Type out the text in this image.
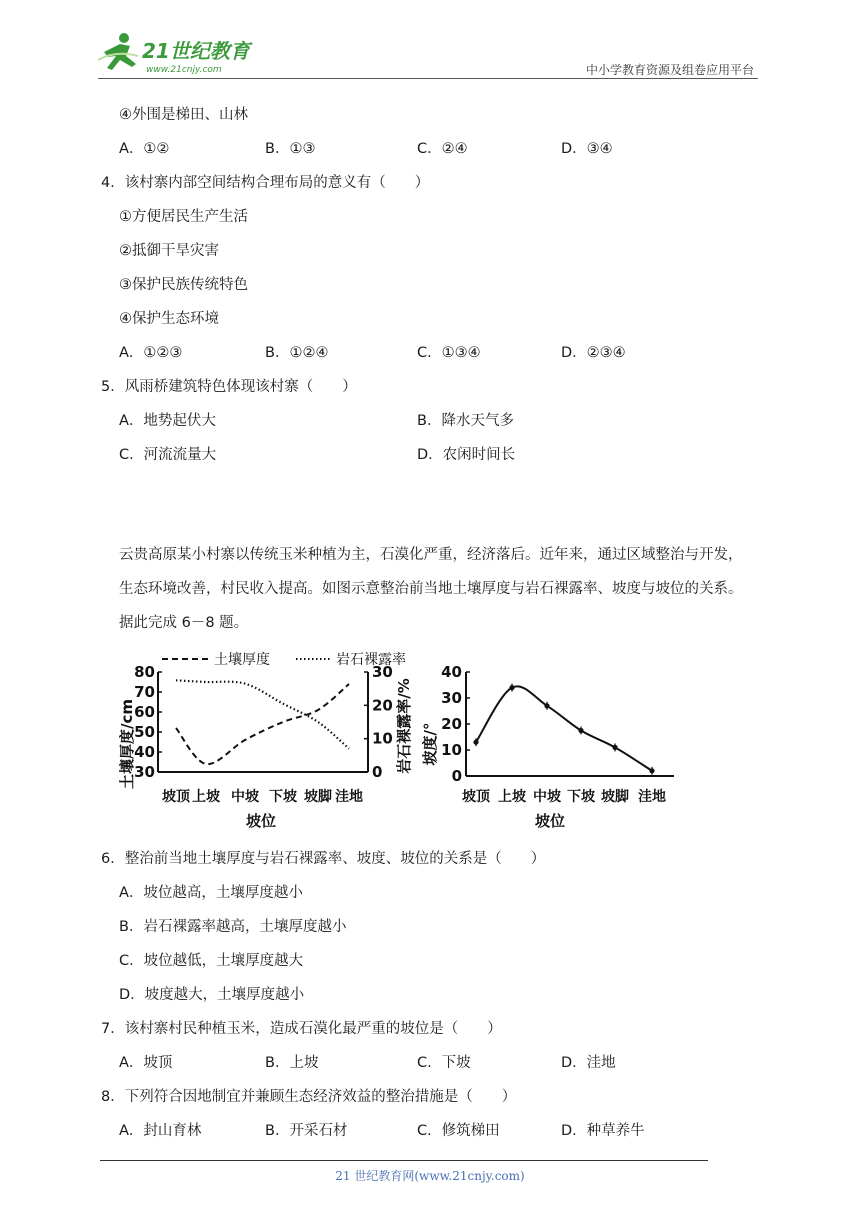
21世纪教育
www.21cnjy.com	中小学教育资源及组卷应用平台
④外围是梯田、山林
A．①②	B．①③	C．②④	D．③④
4．该村寨内部空间结构合理布局的意义有（　　）
①方便居民生产生活
②抵御干旱灾害
③保护民族传统特色
④保护生态环境
A．①②③	B．①②④	C．①③④	D．②③④
5．风雨桥建筑特色体现该村寨（　　）
A．地势起伏大	B．降水天气多
C．河流流量大	D．农闲时间长
云贵高原某小村寨以传统玉米种植为主，石漠化严重，经济落后。近年来，通过区域整治与开发，
生态环境改善，村民收入提高。如图示意整治前当地土壤厚度与岩石裸露率、坡度与坡位的关系。
据此完成 6－8 题。
土壤厚度	岩石裸露率
30
40
50
60
70
80
0
10
20
30
坡顶 上坡 中坡 下坡 坡脚 洼地
土壤厚度/cm	岩石裸露率/%
坡位
0
10
20
30
40
坡顶 上坡 中坡 下坡 坡脚 洼地
坡度/°
坡位
6．整治前当地土壤厚度与岩石裸露率、坡度、坡位的关系是（　　）
A．坡位越高，土壤厚度越小
B．岩石裸露率越高，土壤厚度越小
C．坡位越低，土壤厚度越大
D．坡度越大，土壤厚度越小
7．该村寨村民种植玉米，造成石漠化最严重的坡位是（　　）
A．坡顶	B．上坡	C．下坡	D．洼地
8．下列符合因地制宜并兼顾生态经济效益的整治措施是（　　）
A．封山育林	B．开采石材	C．修筑梯田	D．种草养牛
21 世纪教育网(www.21cnjy.com)
